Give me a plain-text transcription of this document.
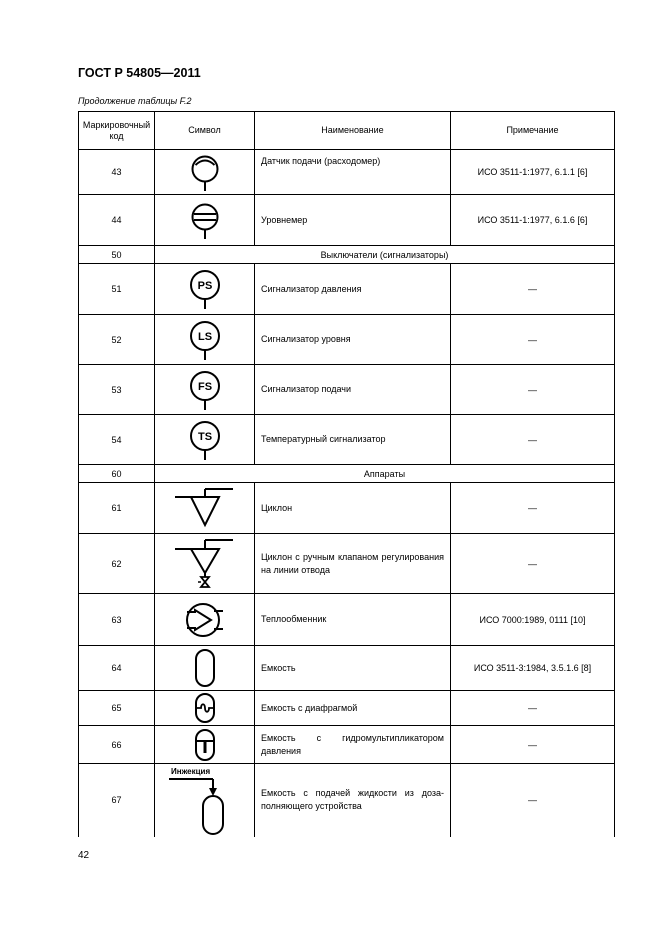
ГОСТ Р 54805—2011
Продолжение таблицы F.2
Маркировочный код	Символ	Наименование	Примечание
43		Датчик подачи (расходомер)	ИСО 3511-1:1977, 6.1.1 [6]
44		Уровнемер	ИСО 3511-1:1977, 6.1.6 [6]
50	Выключатели (сигнализаторы)		
51	PS	Сигнализатор давления	—
52	LS	Сигнализатор уровня	—
53	FS	Сигнализатор подачи	—
54	TS	Температурный сигнализатор	—
60	Аппараты		
61		Циклон	—
62		Циклон с ручным клапаном регулирования на линии отвода	—
63		Теплообменник	ИСО 7000:1989, 0111 [10]
64		Емкость	ИСО 3511-3:1984, 3.5.1.6 [8]
65		Емкость с диафрагмой	—
66		Емкость с гидромультипликатором давления	—
67	Инжекция	Емкость с подачей жидкости из дозаполняющего устройства	—
42
